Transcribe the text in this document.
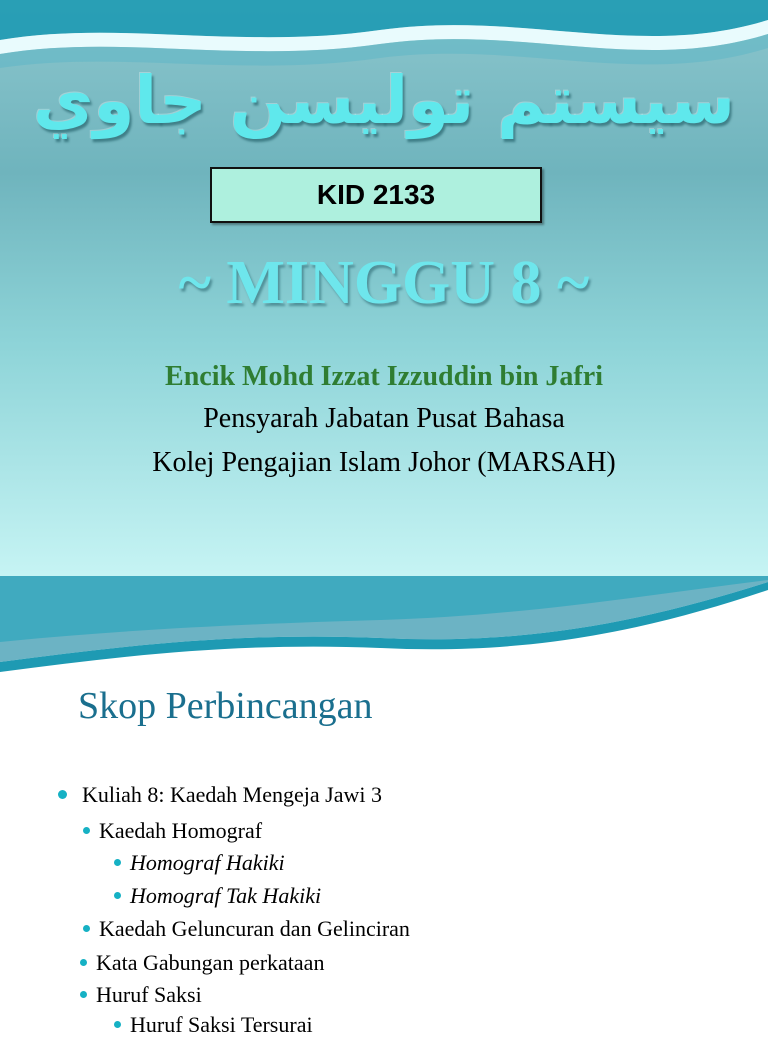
سيستم توليسن جاوي
KID 2133
~ MINGGU 8 ~
Encik Mohd Izzat Izzuddin bin Jafri
Pensyarah Jabatan Pusat Bahasa
Kolej Pengajian Islam Johor (MARSAH)
Skop Perbincangan
Kuliah 8: Kaedah Mengeja Jawi 3
Kaedah Homograf
Homograf Hakiki
Homograf Tak Hakiki
Kaedah Geluncuran dan Gelinciran
Kata Gabungan perkataan
Huruf Saksi
Huruf Saksi Tersurai
